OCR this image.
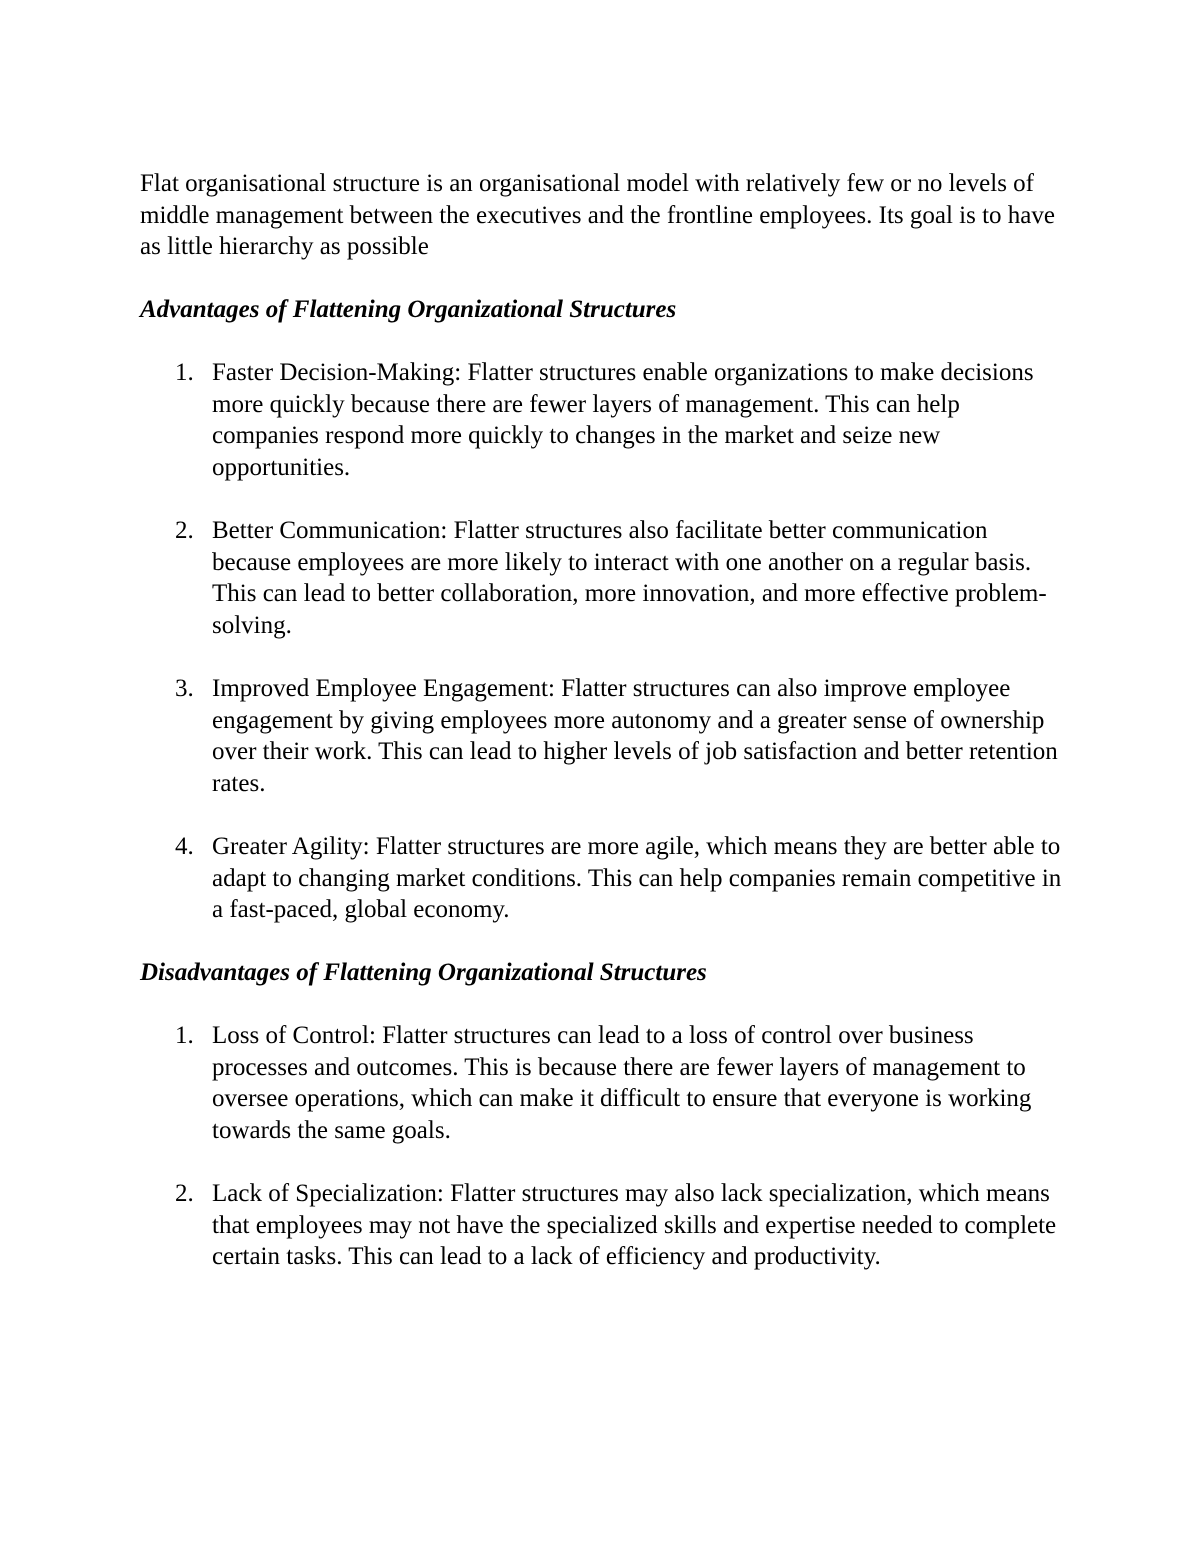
Flat organisational structure is an organisational model with relatively few or no levels of middle management between the executives and the frontline employees. Its goal is to have as little hierarchy as possible

Advantages of Flattening Organizational Structures
1. Faster Decision-Making: Flatter structures enable organizations to make decisions more quickly because there are fewer layers of management. This can help companies respond more quickly to changes in the market and seize new opportunities.
2. Better Communication: Flatter structures also facilitate better communication because employees are more likely to interact with one another on a regular basis. This can lead to better collaboration, more innovation, and more effective problem-solving.
3. Improved Employee Engagement: Flatter structures can also improve employee engagement by giving employees more autonomy and a greater sense of ownership over their work. This can lead to higher levels of job satisfaction and better retention rates.
4. Greater Agility: Flatter structures are more agile, which means they are better able to adapt to changing market conditions. This can help companies remain competitive in a fast-paced, global economy.
Disadvantages of Flattening Organizational Structures
1. Loss of Control: Flatter structures can lead to a loss of control over business processes and outcomes. This is because there are fewer layers of management to oversee operations, which can make it difficult to ensure that everyone is working towards the same goals.
2. Lack of Specialization: Flatter structures may also lack specialization, which means that employees may not have the specialized skills and expertise needed to complete certain tasks. This can lead to a lack of efficiency and productivity.
